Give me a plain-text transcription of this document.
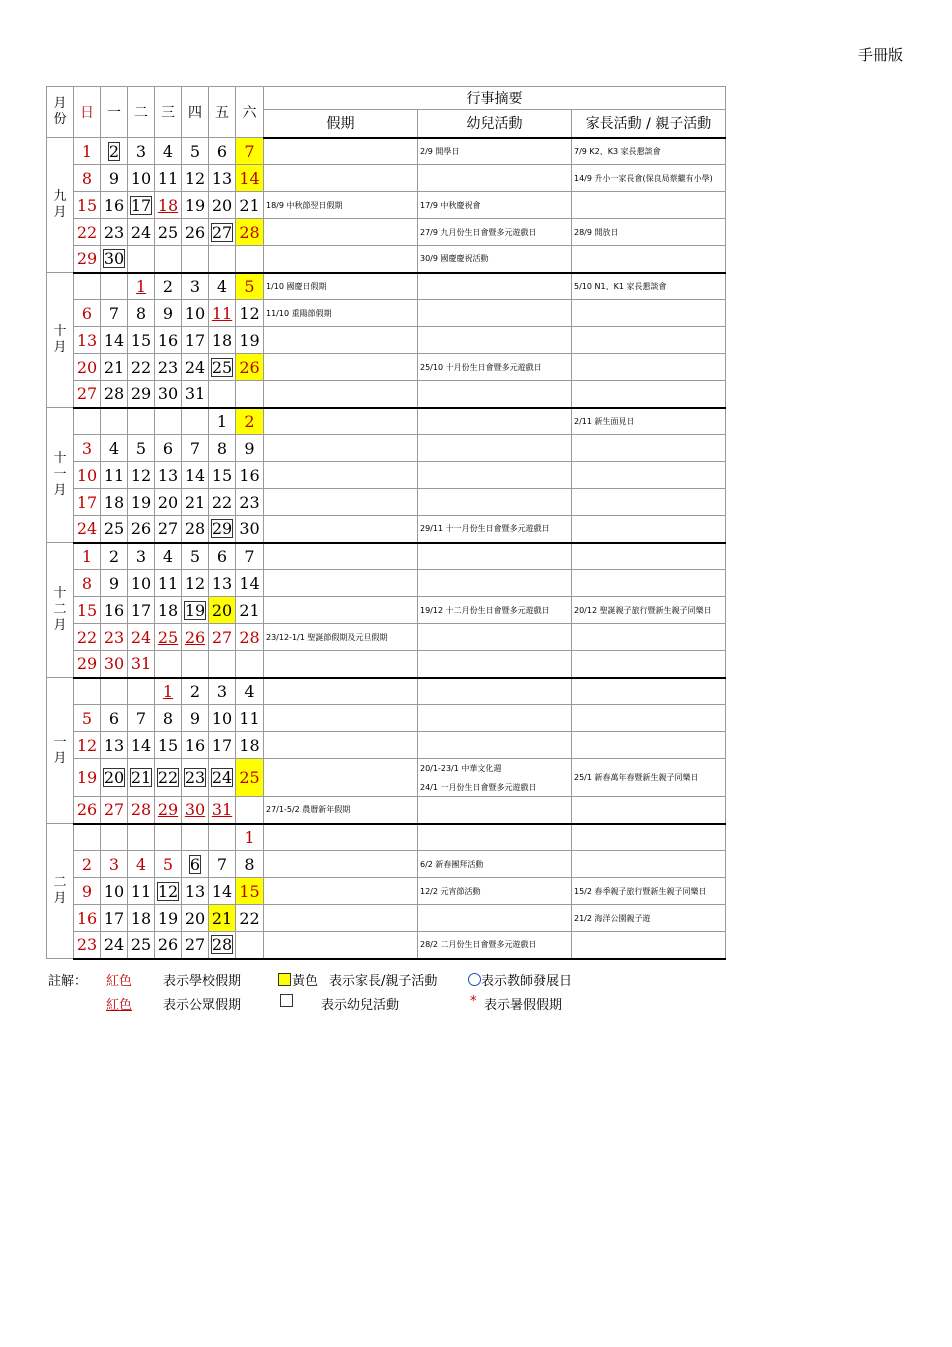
手冊版
月份	日	一	二	三	四	五	六	行事摘要		
								假期	幼兒活動	家長活動 / 親子活動
九月	1	2	3	4	5	6	7		2/9 開學日	7/9 K2、K3 家長懇談會

	8	9	10	11	12	13	14			14/9 升小一家長會(保良局蔡繼有小學)

	15	16	17	18	19	20	21	18/9 中秋節翌日假期	17/9 中秋慶祝會	

	22	23	24	25	26	27	28		27/9 九月份生日會暨多元遊戲日	28/9 開放日

	29	30							30/9 國慶慶祝活動	

十月			1	2	3	4	5	1/10 國慶日假期		5/10 N1、K1 家長懇談會

	6	7	8	9	10	11	12	11/10 重陽節假期		

	13	14	15	16	17	18	19			
	20	21	22	23	24	25	26		25/10 十月份生日會暨多元遊戲日	

	27	28	29	30	31					
十一月						1	2			2/11 新生面見日

	3	4	5	6	7	8	9			
	10	11	12	13	14	15	16			
	17	18	19	20	21	22	23			
	24	25	26	27	28	29	30		29/11 十一月份生日會暨多元遊戲日	

十二月	1	2	3	4	5	6	7			
	8	9	10	11	12	13	14			
	15	16	17	18	19	20	21		19/12 十二月份生日會暨多元遊戲日	20/12 聖誕親子旅行暨新生親子同樂日

	22	23	24	25	26	27	28	23/12-1/1 聖誕節假期及元旦假期		

	29	30	31							
一月				1	2	3	4			
	5	6	7	8	9	10	11			
	12	13	14	15	16	17	18			
	19	20	21	22	23	24	25		20/1-23/1 中華文化週
24/1 一月份生日會暨多元遊戲日	25/1 新春萬年春暨新生親子同樂日

	26	27	28	29	30	31		27/1-5/2 農曆新年假期		

二月							1			
	2	3	4	5	6	7	8		6/2 新春團拜活動	

	9	10	11	12	13	14	15		12/2 元宵節活動	15/2 春季親子旅行暨新生親子同樂日

	16	17	18	19	20	21	22			21/2 海洋公園親子遊

	23	24	25	26	27	28			28/2 二月份生日會暨多元遊戲日	

註解： 紅色 表示學校假期	黃色 表示家長/親子活動	表示教師發展日
紅色 表示公眾假期	表示幼兒活動	* 表示暑假假期
